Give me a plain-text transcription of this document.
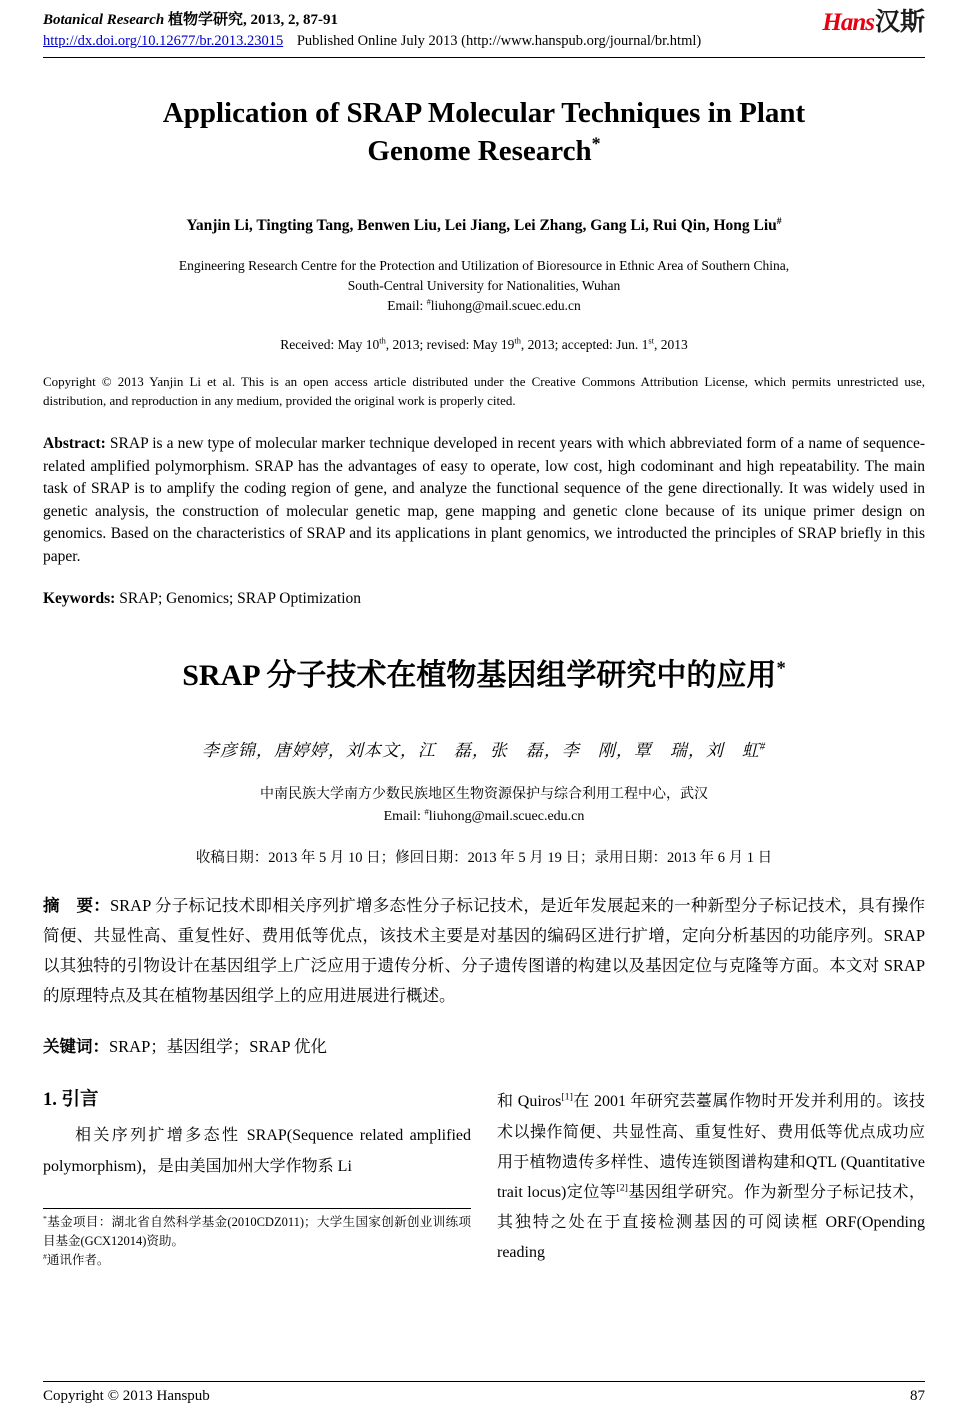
Botanical Research 植物学研究, 2013, 2, 87-91
http://dx.doi.org/10.12677/br.2013.23015 Published Online July 2013 (http://www.hanspub.org/journal/br.html)
Hans汉斯
Application of SRAP Molecular Techniques in Plant
Genome Research*
Yanjin Li, Tingting Tang, Benwen Liu, Lei Jiang, Lei Zhang, Gang Li, Rui Qin, Hong Liu#
Engineering Research Centre for the Protection and Utilization of Bioresource in Ethnic Area of Southern China,
South-Central University for Nationalities, Wuhan
Email: #liuhong@mail.scuec.edu.cn
Received: May 10th, 2013; revised: May 19th, 2013; accepted: Jun. 1st, 2013

Copyright © 2013 Yanjin Li et al. This is an open access article distributed under the Creative Commons Attribution License, which permits unrestricted use, distribution, and reproduction in any medium, provided the original work is properly cited.

Abstract: SRAP is a new type of molecular marker technique developed in recent years with which abbreviated form of a name of sequence-related amplified polymorphism. SRAP has the advantages of easy to operate, low cost, high codominant and high repeatability. The main task of SRAP is to amplify the coding region of gene, and analyze the functional sequence of the gene directionally. It was widely used in genetic analysis, the construction of molecular genetic map, gene mapping and genetic clone because of its unique primer design on genomics. Based on the characteristics of SRAP and its applications in plant genomics, we introducted the principles of SRAP briefly in this paper.

Keywords: SRAP; Genomics; SRAP Optimization

SRAP 分子技术在植物基因组学研究中的应用*
李彦锦，唐婷婷，刘本文，江　磊，张　磊，李　刚，覃　瑞，刘　虹#
中南民族大学南方少数民族地区生物资源保护与综合利用工程中心，武汉
Email: #liuhong@mail.scuec.edu.cn
收稿日期：2013 年 5 月 10 日；修回日期：2013 年 5 月 19 日；录用日期：2013 年 6 月 1 日

摘　要：SRAP 分子标记技术即相关序列扩增多态性分子标记技术，是近年发展起来的一种新型分子标记技术，具有操作简便、共显性高、重复性好、费用低等优点，该技术主要是对基因的编码区进行扩增，定向分析基因的功能序列。SRAP 以其独特的引物设计在基因组学上广泛应用于遗传分析、分子遗传图谱的构建以及基因定位与克隆等方面。本文对 SRAP 的原理特点及其在植物基因组学上的应用进展进行概述。

关键词：SRAP；基因组学；SRAP 优化

1. 引言

相关序列扩增多态性 SRAP(Sequence related amplified polymorphism)，是由美国加州大学作物系 Li

*基金项目：湖北省自然科学基金(2010CDZ011)；大学生国家创新创业训练项目基金(GCX12014)资助。

#通讯作者。

和 Quiros[1]在 2001 年研究芸薹属作物时开发并利用的。该技术以操作简便、共显性高、重复性好、费用低等优点成功应用于植物遗传多样性、遗传连锁图谱构建和QTL (Quantitative trait locus)定位等[2]基因组学研究。作为新型分子标记技术，其独特之处在于直接检测基因的可阅读框 ORF(Opending reading

Copyright © 2013 Hanspub	87
